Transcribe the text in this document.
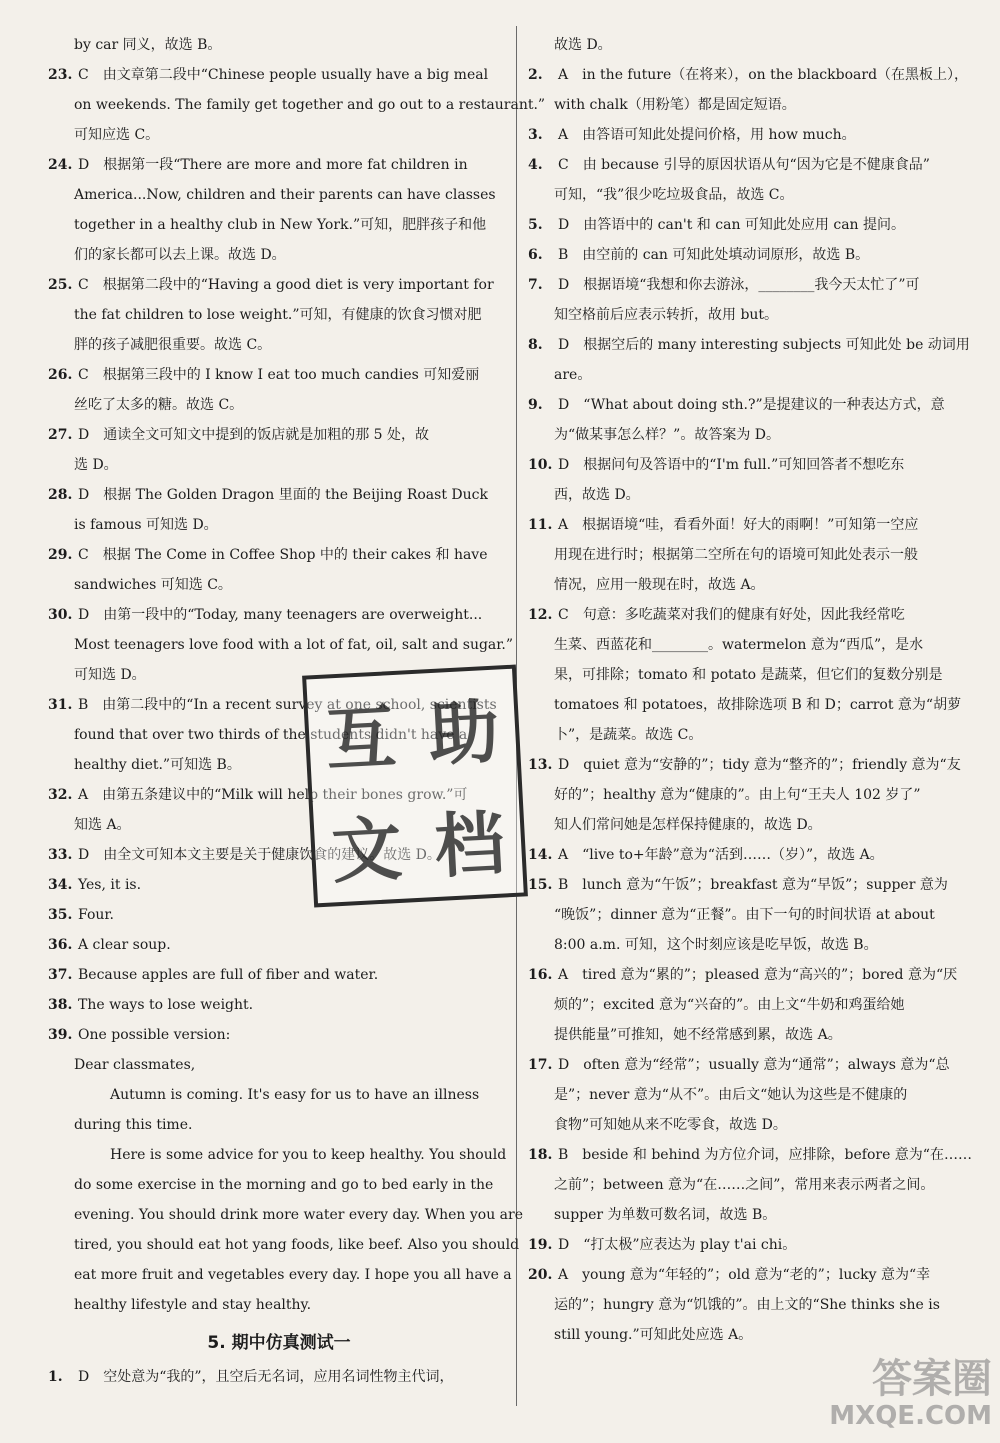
by car 同义，故选 B。
23. C　由文章第二段中“Chinese people usually have a big meal
on weekends. The family get together and go out to a restaurant.”
可知应选 C。
24. D　根据第一段“There are more and more fat children in
America...Now, children and their parents can have classes
together in a healthy club in New York.”可知，肥胖孩子和他
们的家长都可以去上课。故选 D。
25. C　根据第二段中的“Having a good diet is very important for
the fat children to lose weight.”可知，有健康的饮食习惯对肥
胖的孩子减肥很重要。故选 C。
26. C　根据第三段中的 I know I eat too much candies 可知爱丽
丝吃了太多的糖。故选 C。
27. D　通读全文可知文中提到的饭店就是加粗的那 5 处，故
选 D。
28. D　根据 The Golden Dragon 里面的 the Beijing Roast Duck
is famous 可知选 D。
29. C　根据 The Come in Coffee Shop 中的 their cakes 和 have
sandwiches 可知选 C。
30. D　由第一段中的“Today, many teenagers are overweight...
Most teenagers love food with a lot of fat, oil, salt and sugar.”
可知选 D。
31. B　由第二段中的“In a recent survey at one school, scientists
found that over two thirds of the students didn't have a
healthy diet.”可知选 B。
32. A　由第五条建议中的“Milk will help their bones grow.”可
知选 A。
33. D　由全文可知本文主要是关于健康饮食的建议。故选 D。
34. Yes, it is.
35. Four.
36. A clear soup.
37. Because apples are full of fiber and water.
38. The ways to lose weight.
39. One possible version:
Dear classmates,
Autumn is coming. It's easy for us to have an illness
during this time.
Here is some advice for you to keep healthy. You should
do some exercise in the morning and go to bed early in the
evening. You should drink more water every day. When you are
tired, you should eat hot yang foods, like beef. Also you should
eat more fruit and vegetables every day. I hope you all have a
healthy lifestyle and stay healthy.
5. 期中仿真测试一
1. D　空处意为“我的”，且空后无名词，应用名词性物主代词，
故选 D。
2. A　in the future（在将来），on the blackboard（在黑板上），
with chalk（用粉笔）都是固定短语。
3. A　由答语可知此处提问价格，用 how much。
4. C　由 because 引导的原因状语从句“因为它是不健康食品”
可知，“我”很少吃垃圾食品，故选 C。
5. D　由答语中的 can't 和 can 可知此处应用 can 提问。
6. B　由空前的 can 可知此处填动词原形，故选 B。
7. D　根据语境“我想和你去游泳，________我今天太忙了”可
知空格前后应表示转折，故用 but。
8. D　根据空后的 many interesting subjects 可知此处 be 动词用
are。
9. D　“What about doing sth.?”是提建议的一种表达方式，意
为“做某事怎么样？”。故答案为 D。
10. D　根据问句及答语中的“I'm full.”可知回答者不想吃东
西，故选 D。
11. A　根据语境“哇，看看外面！好大的雨啊！”可知第一空应
用现在进行时；根据第二空所在句的语境可知此处表示一般
情况，应用一般现在时，故选 A。
12. C　句意：多吃蔬菜对我们的健康有好处，因此我经常吃
生菜、西蓝花和________。watermelon 意为“西瓜”，是水
果，可排除；tomato 和 potato 是蔬菜，但它们的复数分别是
tomatoes 和 potatoes，故排除选项 B 和 D；carrot 意为“胡萝
卜”，是蔬菜。故选 C。
13. D　quiet 意为“安静的”；tidy 意为“整齐的”；friendly 意为“友
好的”；healthy 意为“健康的”。由上句“王夫人 102 岁了”
知人们常问她是怎样保持健康的，故选 D。
14. A　“live to+年龄”意为“活到……（岁）”，故选 A。
15. B　lunch 意为“午饭”；breakfast 意为“早饭”；supper 意为
“晚饭”；dinner 意为“正餐”。由下一句的时间状语 at about
8:00 a.m. 可知，这个时刻应该是吃早饭，故选 B。
16. A　tired 意为“累的”；pleased 意为“高兴的”；bored 意为“厌
烦的”；excited 意为“兴奋的”。由上文“牛奶和鸡蛋给她
提供能量”可推知，她不经常感到累，故选 A。
17. D　often 意为“经常”；usually 意为“通常”；always 意为“总
是”；never 意为“从不”。由后文“她认为这些是不健康的
食物”可知她从来不吃零食，故选 D。
18. B　beside 和 behind 为方位介词，应排除，before 意为“在……
之前”；between 意为“在……之间”，常用来表示两者之间。
supper 为单数可数名词，故选 B。
19. D　“打太极”应表达为 play t'ai chi。
20. A　young 意为“年轻的”；old 意为“老的”；lucky 意为“幸
运的”；hungry 意为“饥饿的”。由上文的“She thinks she is
still young.”可知此处应选 A。
互 助
文 档
答案圈
MXQE.COM
